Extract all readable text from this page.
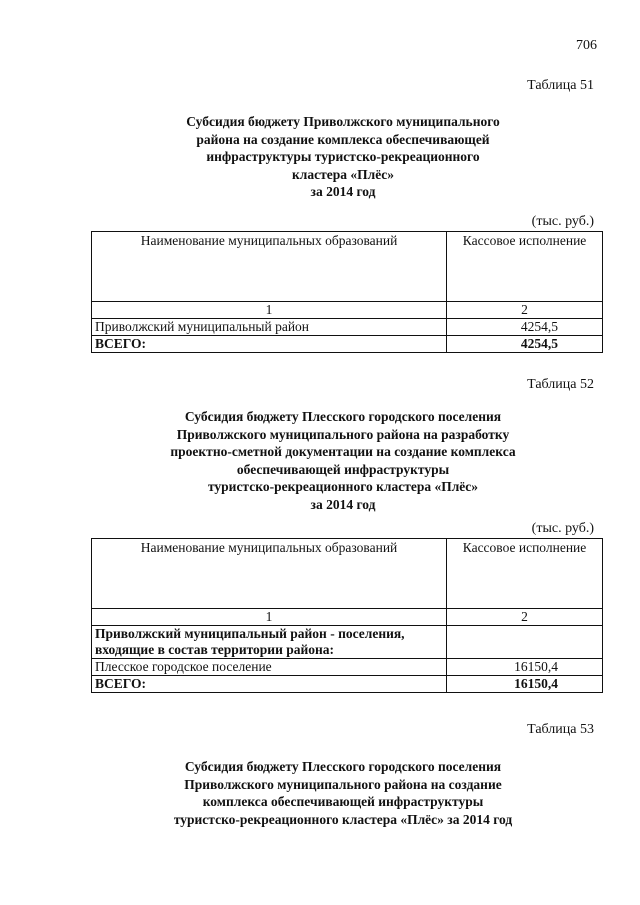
706
Таблица 51
Субсидия бюджету Приволжского муниципального
района на создание комплекса обеспечивающей
инфраструктуры туристско-рекреационного
кластера «Плёс»
за 2014 год
(тыс. руб.)
Наименование муниципальных образований	Кассовое исполнение
1	2
Приволжский муниципальный район	4254,5
ВСЕГО:	4254,5
Таблица 52
Субсидия бюджету Плесского городского поселения
Приволжского муниципального района на разработку
проектно-сметной документации на создание комплекса
обеспечивающей инфраструктуры
туристско-рекреационного кластера «Плёс»
за 2014 год
(тыс. руб.)
Наименование муниципальных образований	Кассовое исполнение
1	2
Приволжский муниципальный район - поселения, входящие в состав территории района:	
Плесское городское поселение	16150,4
ВСЕГО:	16150,4
Таблица 53
Субсидия бюджету Плесского городского поселения
Приволжского муниципального района на создание
комплекса обеспечивающей инфраструктуры
туристско-рекреационного кластера «Плёс» за 2014 год
